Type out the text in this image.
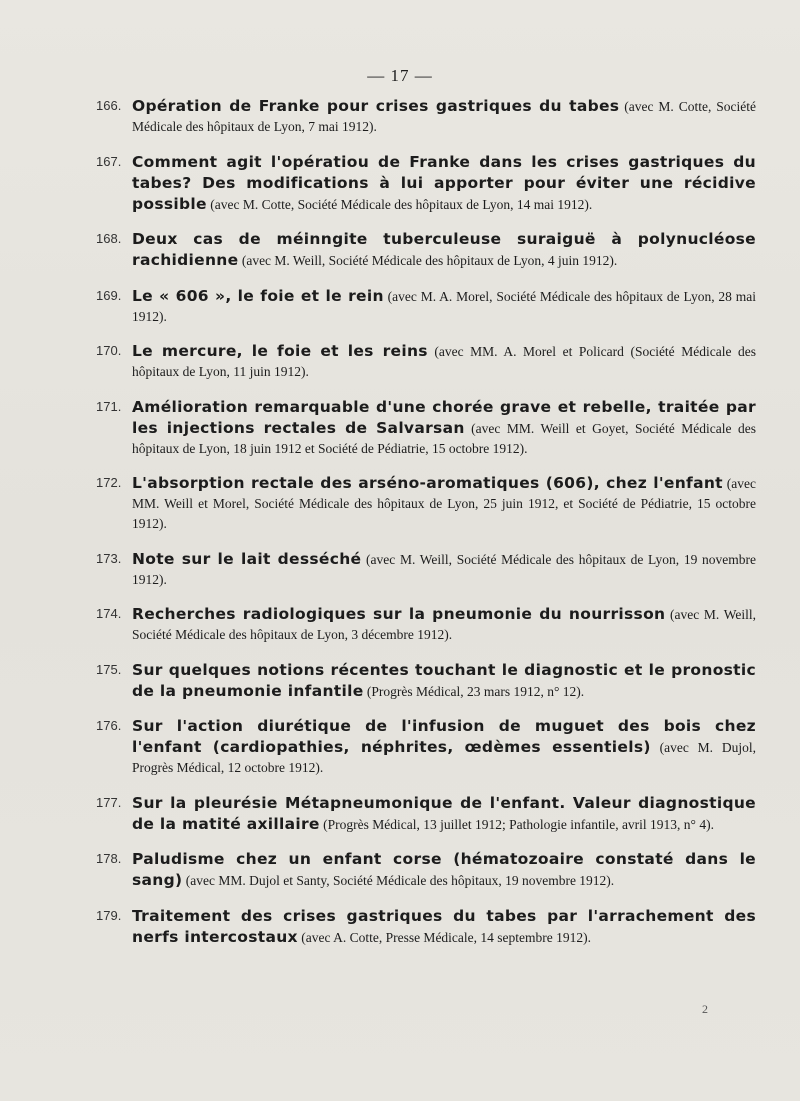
— 17 —
166. Opération de Franke pour crises gastriques du tabes (avec M. Cotte, Société Médicale des hôpitaux de Lyon, 7 mai 1912).
167. Comment agit l'opératiou de Franke dans les crises gastriques du tabes? Des modifications à lui apporter pour éviter une récidive possible (avec M. Cotte, Société Médicale des hôpitaux de Lyon, 14 mai 1912).
168. Deux cas de méinngite tuberculeuse suraiguë à polynucléose rachidienne (avec M. Weill, Société Médicale des hôpitaux de Lyon, 4 juin 1912).
169. Le « 606 », le foie et le rein (avec M. A. Morel, Société Médicale des hôpitaux de Lyon, 28 mai 1912).
170. Le mercure, le foie et les reins (avec MM. A. Morel et Policard (Société Médicale des hôpitaux de Lyon, 11 juin 1912).
171. Amélioration remarquable d'une chorée grave et rebelle, traitée par les injections rectales de Salvarsan (avec MM. Weill et Goyet, Société Médicale des hôpitaux de Lyon, 18 juin 1912 et Société de Pédiatrie, 15 octobre 1912).
172. L'absorption rectale des arséno-aromatiques (606), chez l'enfant (avec MM. Weill et Morel, Société Médicale des hôpitaux de Lyon, 25 juin 1912, et Société de Pédiatrie, 15 octobre 1912).
173. Note sur le lait desséché (avec M. Weill, Société Médicale des hôpitaux de Lyon, 19 novembre 1912).
174. Recherches radiologiques sur la pneumonie du nourrisson (avec M. Weill, Société Médicale des hôpitaux de Lyon, 3 décembre 1912).
175. Sur quelques notions récentes touchant le diagnostic et le pronostic de la pneumonie infantile (Progrès Médical, 23 mars 1912, n° 12).
176. Sur l'action diurétique de l'infusion de muguet des bois chez l'enfant (cardiopathies, néphrites, œdèmes essentiels) (avec M. Dujol, Progrès Médical, 12 octobre 1912).
177. Sur la pleurésie Métapneumonique de l'enfant. Valeur diagnostique de la matité axillaire (Progrès Médical, 13 juillet 1912; Pathologie infantile, avril 1913, n° 4).
178. Paludisme chez un enfant corse (hématozoaire constaté dans le sang) (avec MM. Dujol et Santy, Société Médicale des hôpitaux, 19 novembre 1912).
179. Traitement des crises gastriques du tabes par l'arrachement des nerfs intercostaux (avec A. Cotte, Presse Médicale, 14 septembre 1912).
2
